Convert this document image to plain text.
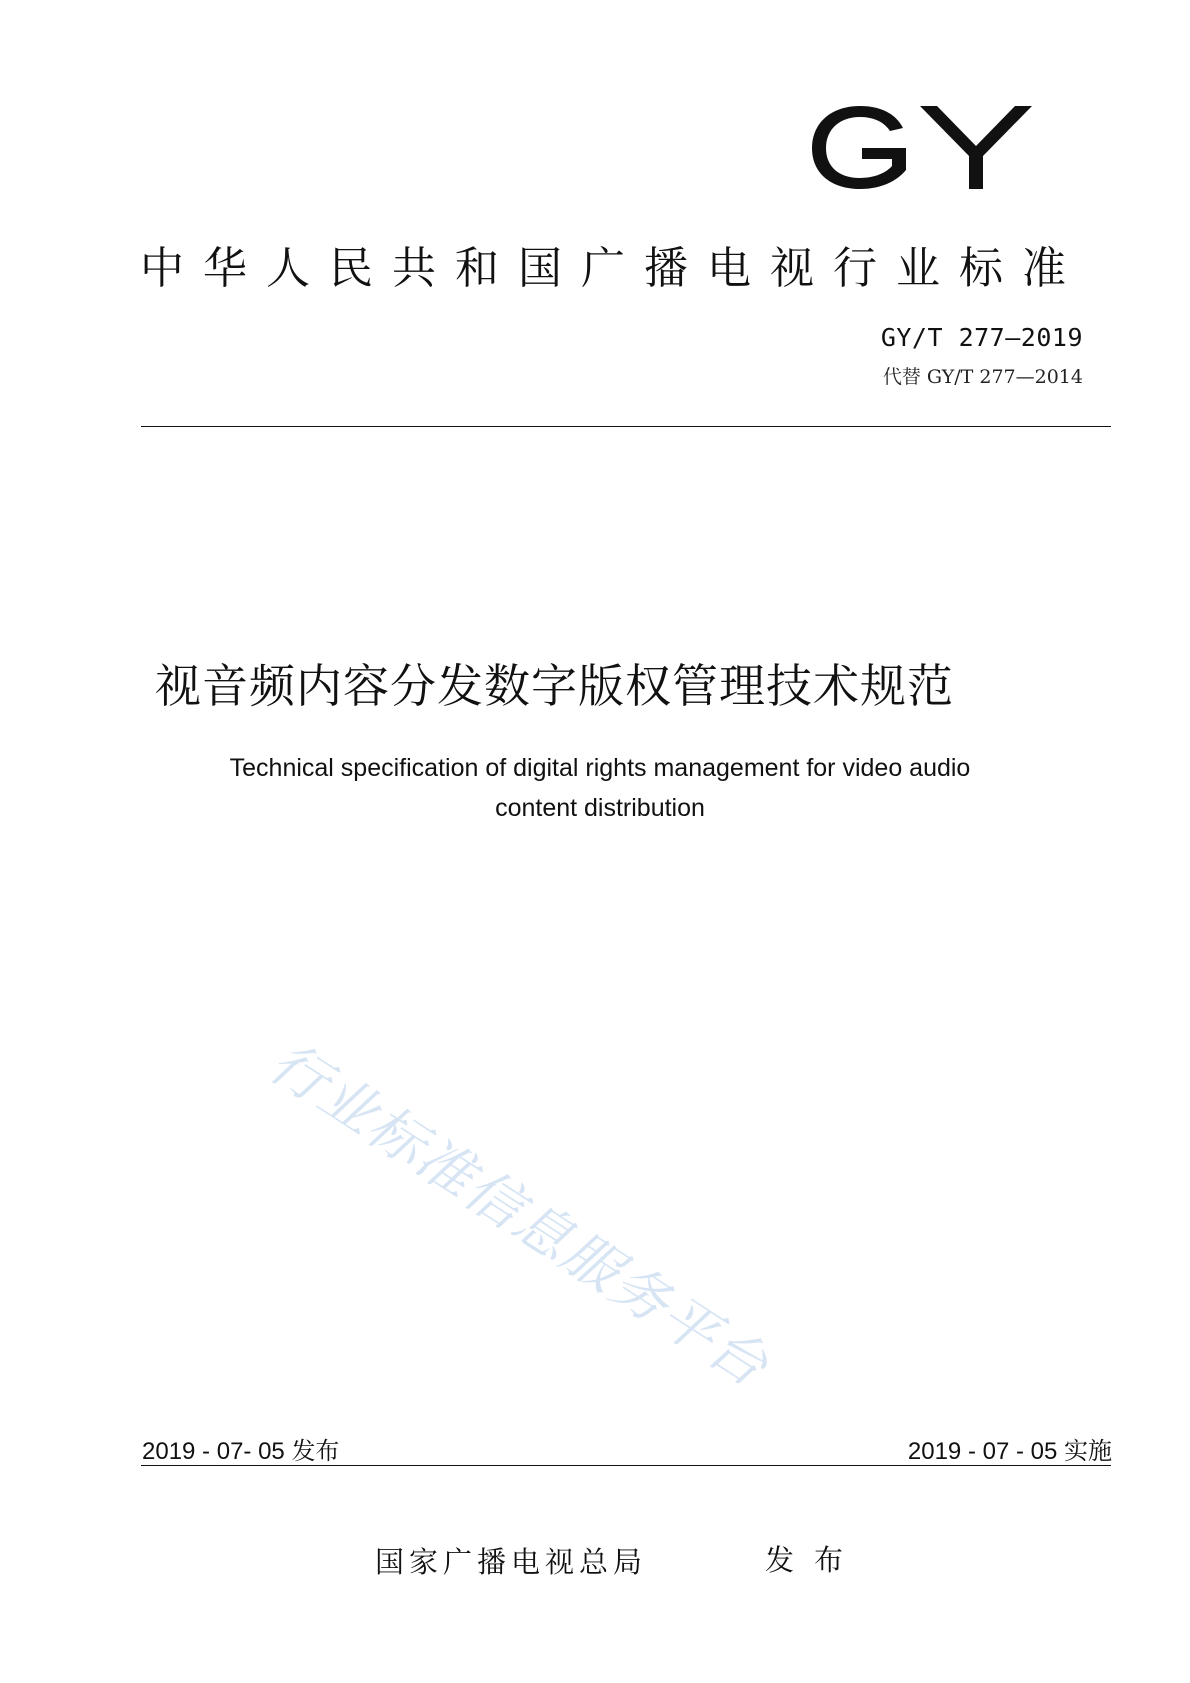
中华人民共和国广播电视行业标准
GY/T 277—2019
代替 GY/T 277—2014
视音频内容分发数字版权管理技术规范
Technical specification of digital rights management for video audio
content distribution
行业标准信息服务平台
2019 - 07- 05 发布	2019 - 07 - 05 实施
国家广播电视总局	发布
